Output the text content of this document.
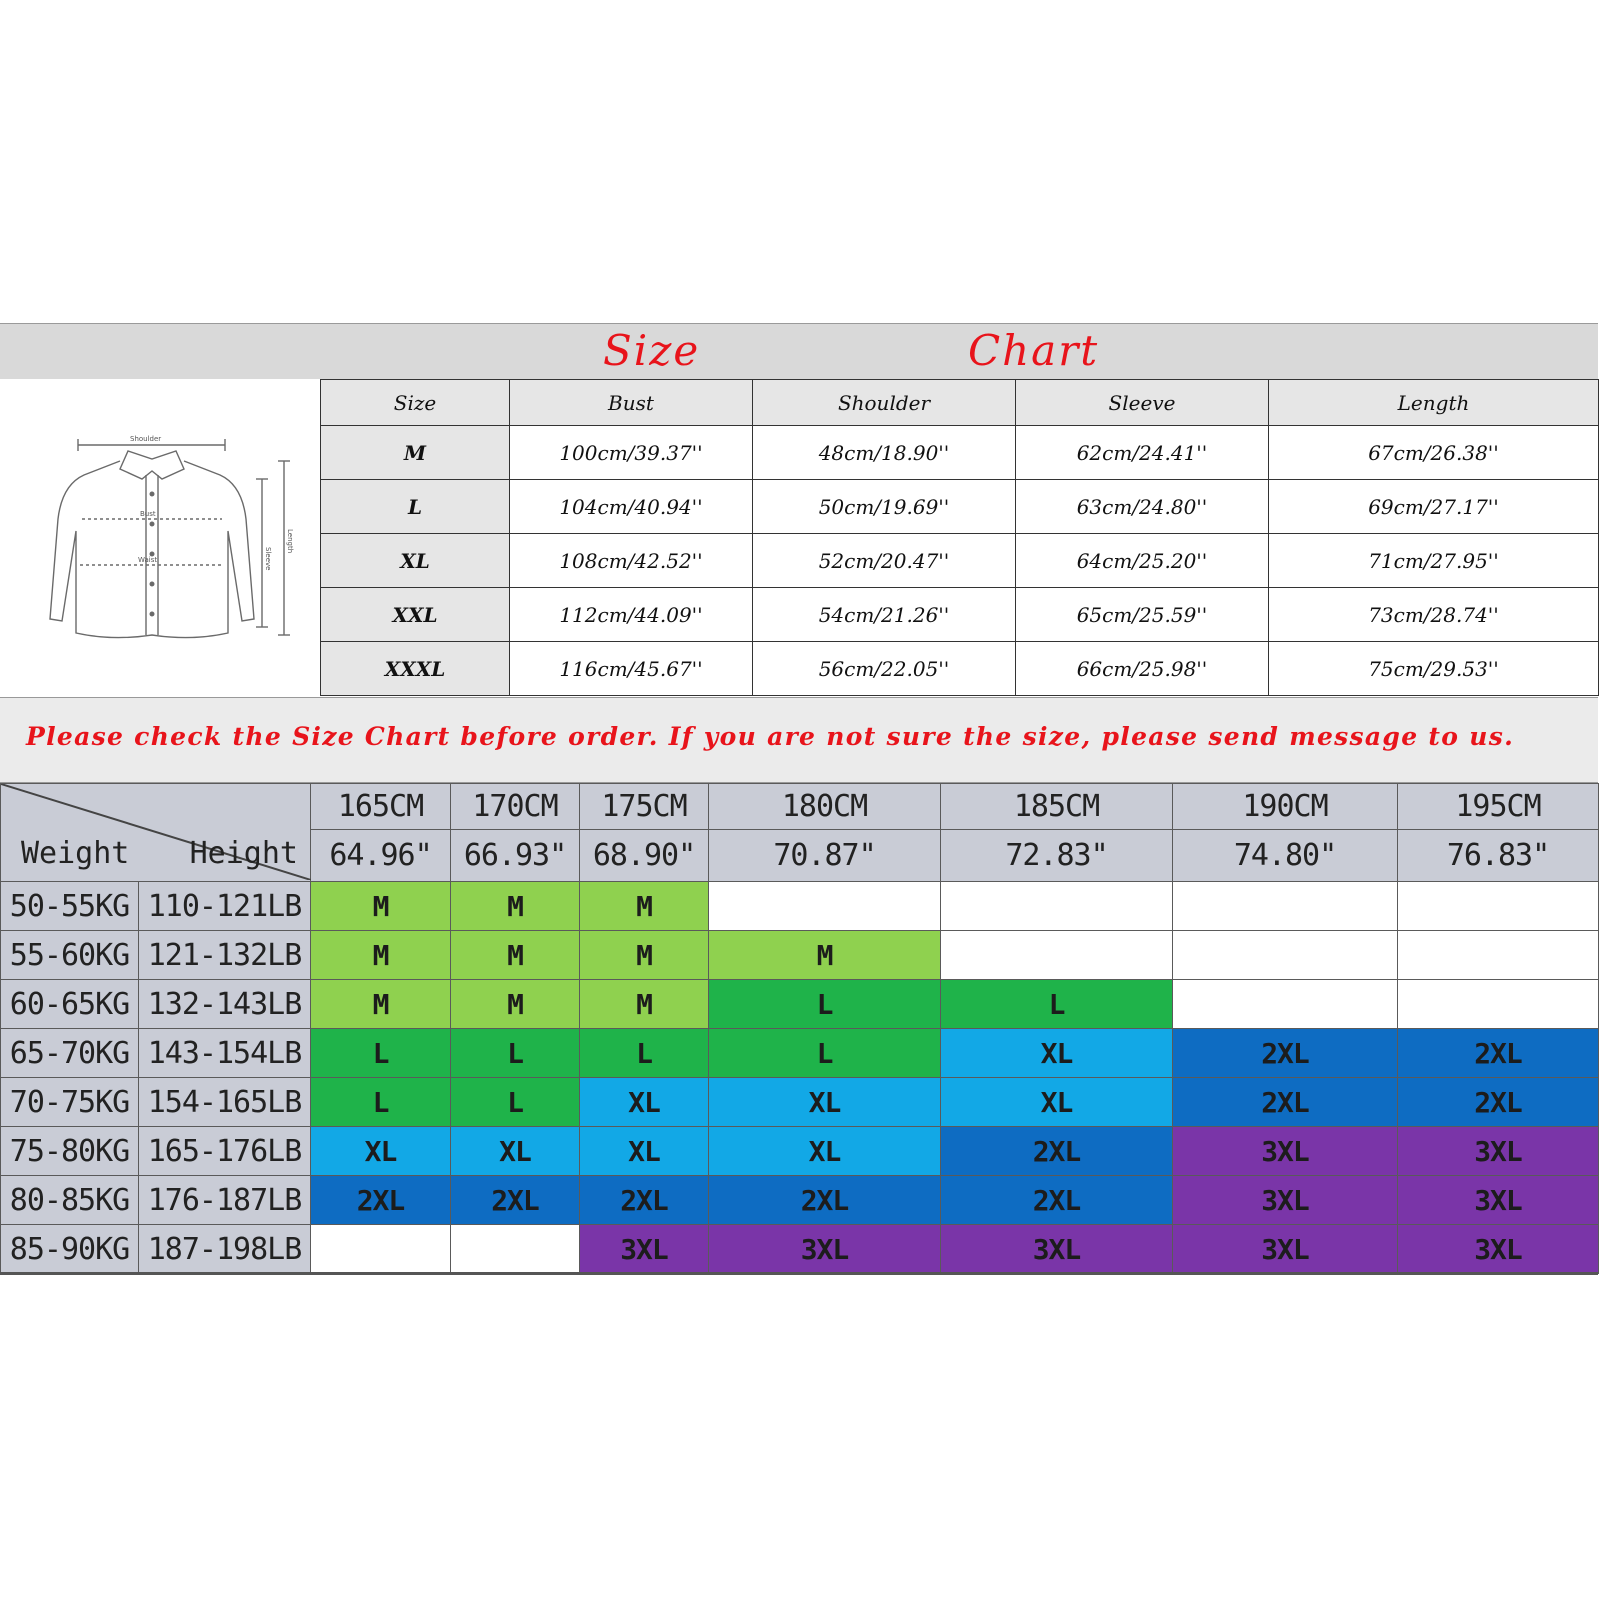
Size	Chart
Shoulder
Bust
Waist	Sleeve
Length
Size	Bust	Shoulder	Sleeve	Length
M	100cm/39.37''	48cm/18.90''	62cm/24.41''	67cm/26.38''
L	104cm/40.94''	50cm/19.69''	63cm/24.80''	69cm/27.17''
XL	108cm/42.52''	52cm/20.47''	64cm/25.20''	71cm/27.95''
XXL	112cm/44.09''	54cm/21.26''	65cm/25.59''	73cm/28.74''
XXXL	116cm/45.67''	56cm/22.05''	66cm/25.98''	75cm/29.53''
Please check the Size Chart before order. If you are not sure the size, please send message to us.
Weight Height		165CM	170CM	175CM	180CM	185CM	190CM	195CM
		64.96"	66.93"	68.90"	70.87"	72.83"	74.80"	76.83"
50-55KG	110-121LB	M	M	M				
55-60KG	121-132LB	M	M	M	M			
60-65KG	132-143LB	M	M	M	L	L		
65-70KG	143-154LB	L	L	L	L	XL	2XL	2XL
70-75KG	154-165LB	L	L	XL	XL	XL	2XL	2XL
75-80KG	165-176LB	XL	XL	XL	XL	2XL	3XL	3XL
80-85KG	176-187LB	2XL	2XL	2XL	2XL	2XL	3XL	3XL
85-90KG	187-198LB			3XL	3XL	3XL	3XL	3XL
